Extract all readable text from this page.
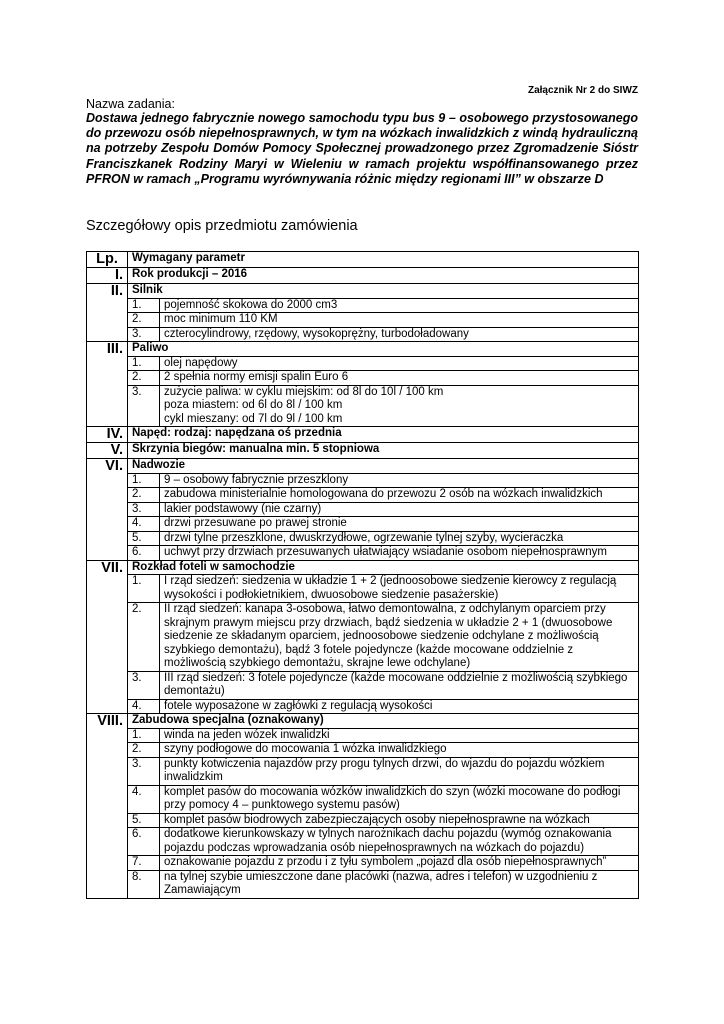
Załącznik Nr 2 do SIWZ
Nazwa zadania:
Dostawa jednego fabrycznie nowego samochodu typu bus 9 – osobowego przystosowanego do przewozu osób niepełnosprawnych, w tym na wózkach inwalidzkich z windą hydrauliczną na potrzeby Zespołu Domów Pomocy Społecznej prowadzonego przez Zgromadzenie Sióstr Franciszkanek Rodziny Maryi w Wieleniu w ramach projektu współfinansowanego przez PFRON w ramach „Programu wyrównywania różnic między regionami III” w obszarze D
Szczegółowy opis przedmiotu zamówienia
Lp.	Wymagany parametr	
I.	Rok produkcji – 2016	
II.	Silnik	
	1.	pojemność skokowa do 2000 cm3

	2.	moc minimum 110 KM

	3.	czterocylindrowy, rzędowy, wysokoprężny, turbodoładowany

III.	Paliwo	
	1.	olej napędowy

	2.	2 spełnia normy emisji spalin Euro 6

	3.	zużycie paliwa: w cyklu miejskim: od 8l do 10l / 100 km
poza miastem: od 6l do 8l / 100 km
cykl mieszany: od 7l do 9l / 100 km

IV.	Napęd: rodzaj: napędzana oś przednia	
V.	Skrzynia biegów: manualna min. 5 stopniowa	
VI.	Nadwozie	
	1.	9 – osobowy fabrycznie przeszklony

	2.	zabudowa ministerialnie homologowana do przewozu 2 osób na wózkach inwalidzkich

	3.	lakier podstawowy (nie czarny)

	4.	drzwi przesuwane po prawej stronie

	5.	drzwi tylne przeszklone, dwuskrzydłowe, ogrzewanie tylnej szyby, wycieraczka

	6.	uchwyt przy drzwiach przesuwanych ułatwiający wsiadanie osobom niepełnosprawnym

VII.	Rozkład foteli w samochodzie	
	1.	I rząd siedzeń: siedzenia w układzie 1 + 2 (jednoosobowe siedzenie kierowcy z regulacją wysokości i podłokietnikiem, dwuosobowe siedzenie pasażerskie)

	2.	II rząd siedzeń: kanapa 3-osobowa, łatwo demontowalna, z odchylanym oparciem przy skrajnym prawym miejscu przy drzwiach, bądź siedzenia w układzie 2 + 1 (dwuosobowe siedzenie ze składanym oparciem, jednoosobowe siedzenie odchylane z możliwością szybkiego demontażu), bądź 3 fotele pojedyncze (każde mocowane oddzielnie z możliwością szybkiego demontażu, skrajne lewe odchylane)

	3.	III rząd siedzeń: 3 fotele pojedyncze (każde mocowane oddzielnie z możliwością szybkiego demontażu)

	4.	fotele wyposażone w zagłówki z regulacją wysokości

VIII.	Zabudowa specjalna (oznakowany)	
	1.	winda na jeden wózek inwalidzki

	2.	szyny podłogowe do mocowania 1 wózka inwalidzkiego

	3.	punkty kotwiczenia najazdów przy progu tylnych drzwi, do wjazdu do pojazdu wózkiem inwalidzkim

	4.	komplet pasów do mocowania wózków inwalidzkich do szyn (wózki mocowane do podłogi przy pomocy 4 – punktowego systemu pasów)

	5.	komplet pasów biodrowych zabezpieczających osoby niepełnosprawne na wózkach

	6.	dodatkowe kierunkowskazy w tylnych narożnikach dachu pojazdu (wymóg oznakowania pojazdu podczas wprowadzania osób niepełnosprawnych na wózkach do pojazdu)

	7.	oznakowanie pojazdu z przodu i z tyłu symbolem „pojazd dla osób niepełnosprawnych”

	8.	na tylnej szybie umieszczone dane placówki (nazwa, adres i telefon) w uzgodnieniu z Zamawiającym
